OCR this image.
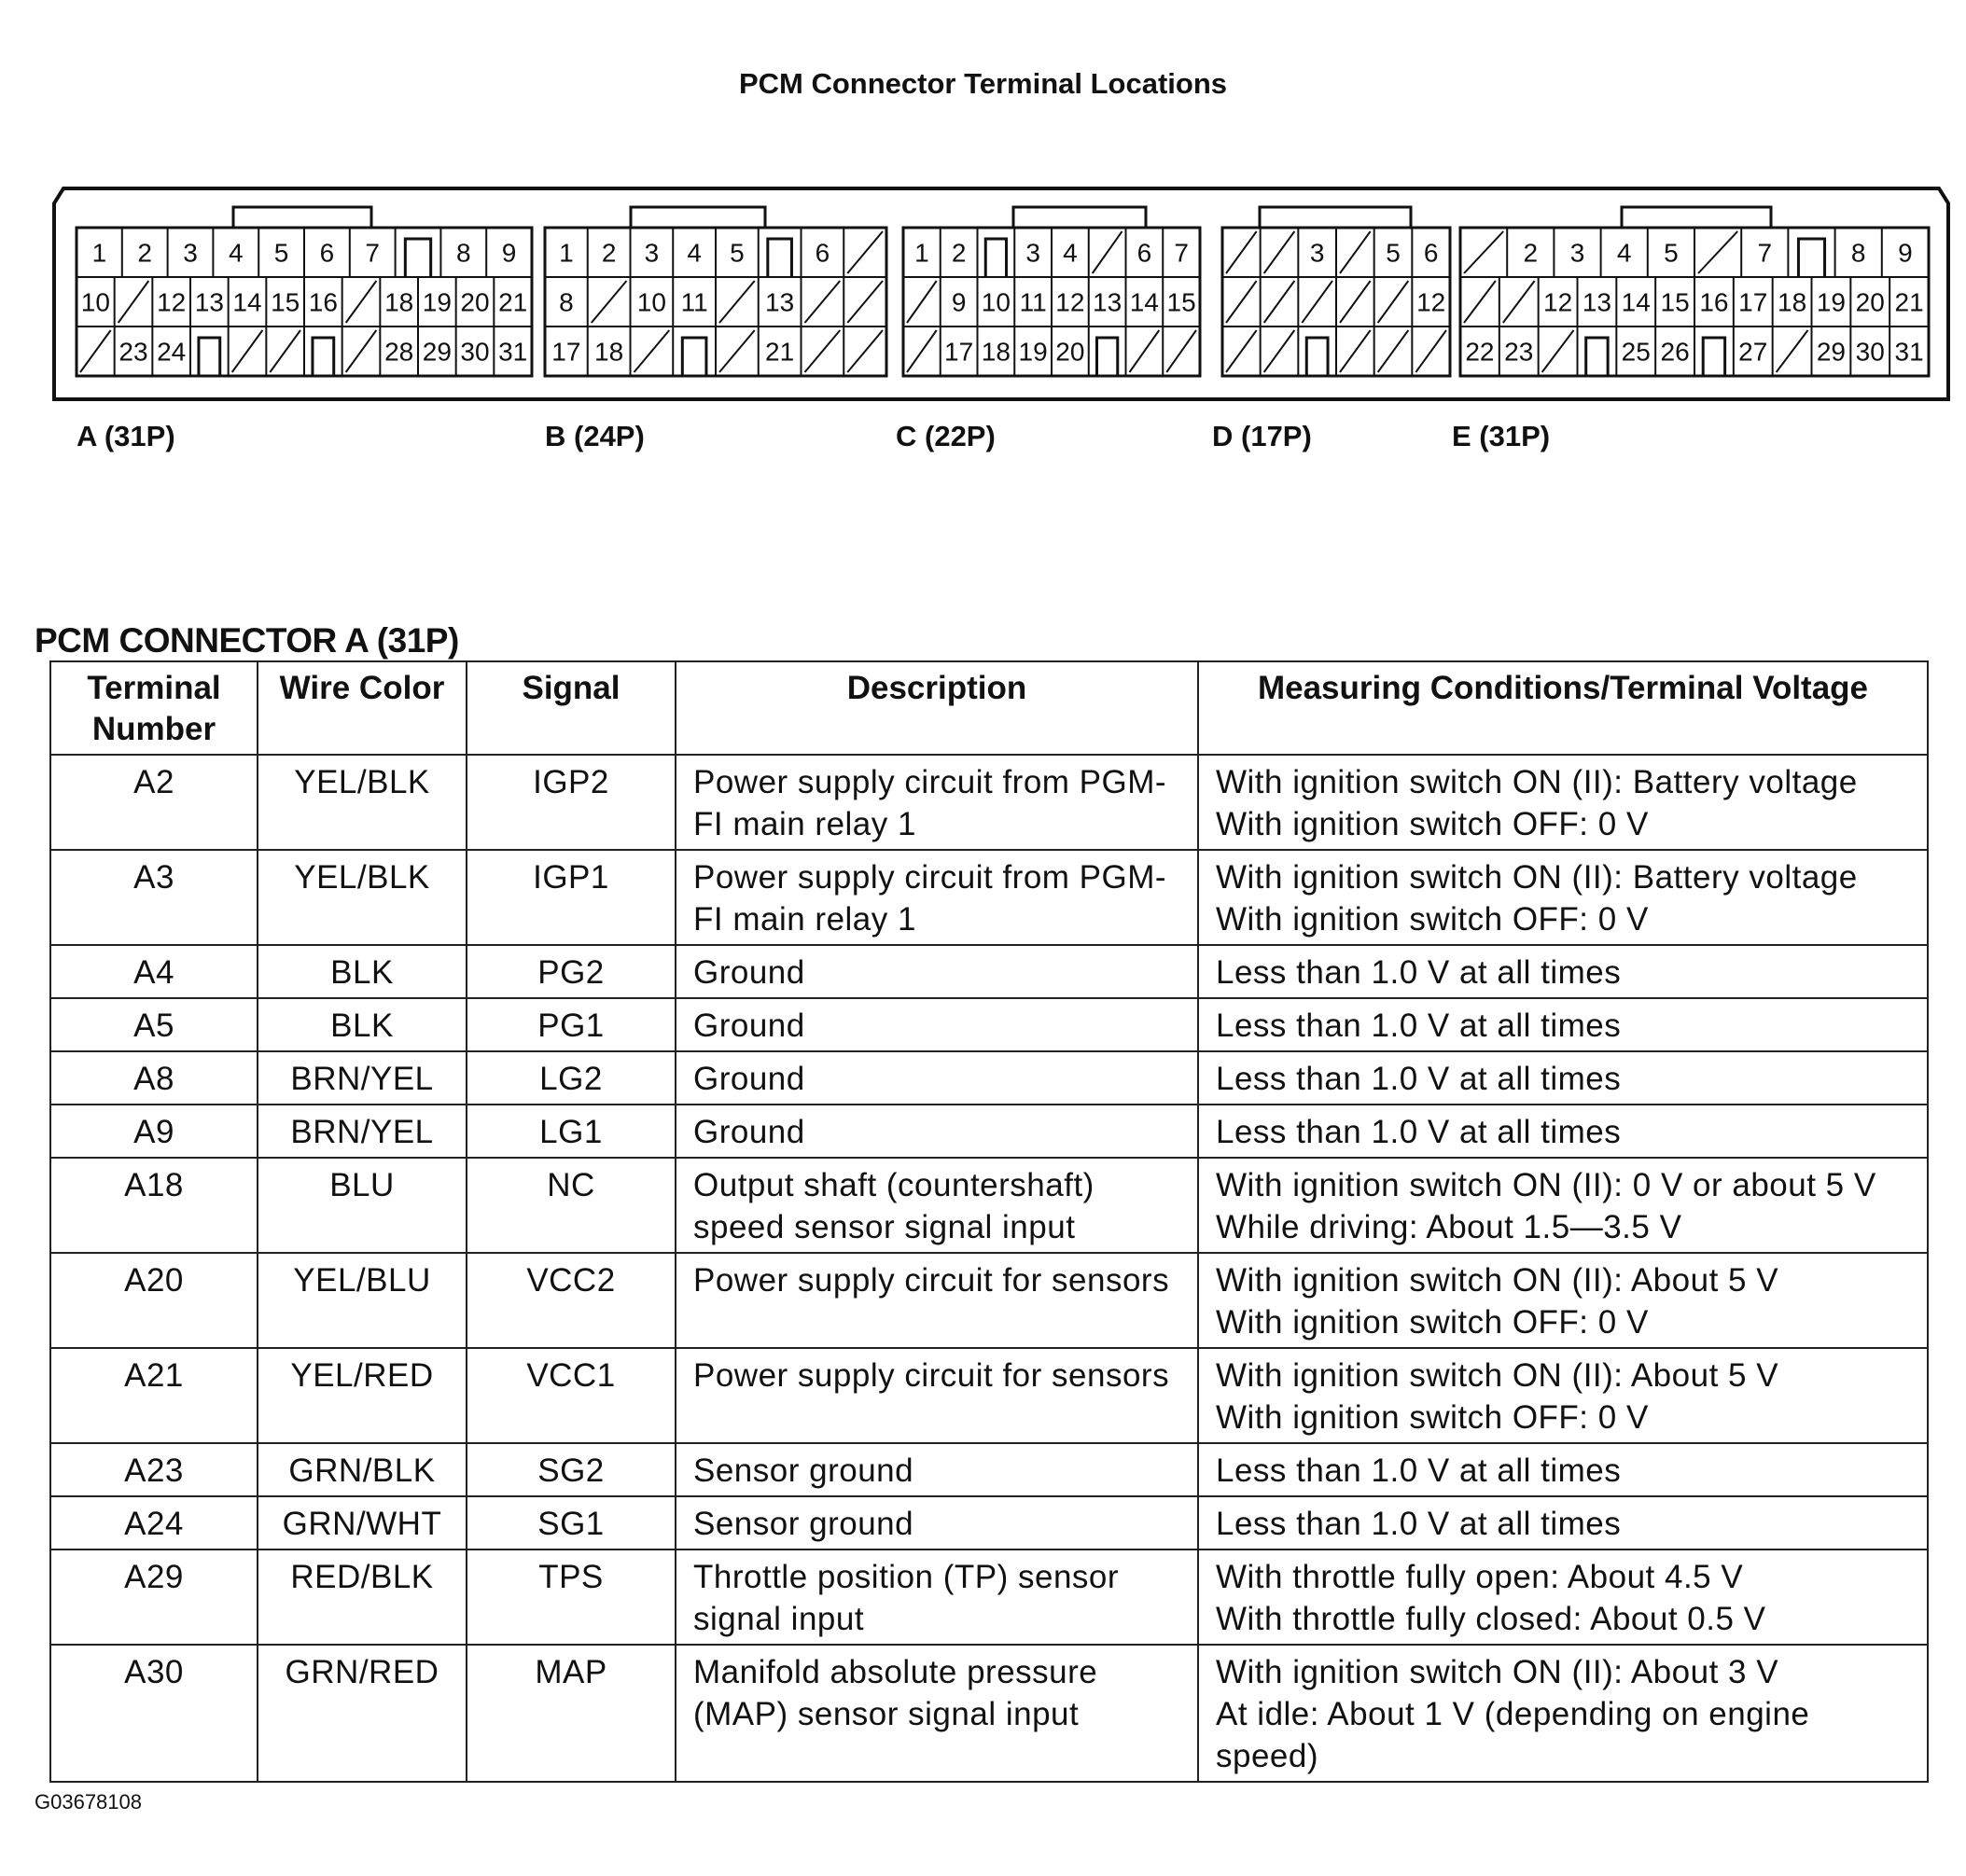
PCM Connector Terminal Locations
1 2 3 4 5 6 7	8 9
10 12 13 14 15 16 18 19 20 21
23 24	28 29 30 31
1 2 3 4 5	6
8 10 11 13
17 18	21
1 2 3 4 6 7
9 10 11 12 13 14 15
17 18 19 20
3 5 6
12
2 3 4 5	7	8 9
12 13 14 15 16 17 18 19 20 21
22 23	25 26 27 29 30 31
A (31P)	B (24P)	C (22P)	D (17P)	E (31P)
PCM CONNECTOR A (31P)
Terminal Number	Wire Color	Signal	Description	Measuring Conditions/Terminal Voltage
A2	YEL/BLK	IGP2	Power supply circuit from PGM-FI main relay 1	With ignition switch ON (II): Battery voltage
With ignition switch OFF: 0 V

A3	YEL/BLK	IGP1	Power supply circuit from PGM-FI main relay 1	With ignition switch ON (II): Battery voltage
With ignition switch OFF: 0 V

A4	BLK	PG2	Ground	Less than 1.0 V at all times

A5	BLK	PG1	Ground	Less than 1.0 V at all times

A8	BRN/YEL	LG2	Ground	Less than 1.0 V at all times

A9	BRN/YEL	LG1	Ground	Less than 1.0 V at all times

A18	BLU	NC	Output shaft (countershaft) speed sensor signal input	With ignition switch ON (II): 0 V or about 5 V
While driving: About 1.5—3.5 V

A20	YEL/BLU	VCC2	Power supply circuit for sensors	With ignition switch ON (II): About 5 V
With ignition switch OFF: 0 V

A21	YEL/RED	VCC1	Power supply circuit for sensors	With ignition switch ON (II): About 5 V
With ignition switch OFF: 0 V

A23	GRN/BLK	SG2	Sensor ground	Less than 1.0 V at all times

A24	GRN/WHT	SG1	Sensor ground	Less than 1.0 V at all times

A29	RED/BLK	TPS	Throttle position (TP) sensor signal input	With throttle fully open: About 4.5 V
With throttle fully closed: About 0.5 V

A30	GRN/RED	MAP	Manifold absolute pressure (MAP) sensor signal input	With ignition switch ON (II): About 3 V
At idle: About 1 V (depending on engine speed)
G03678108
